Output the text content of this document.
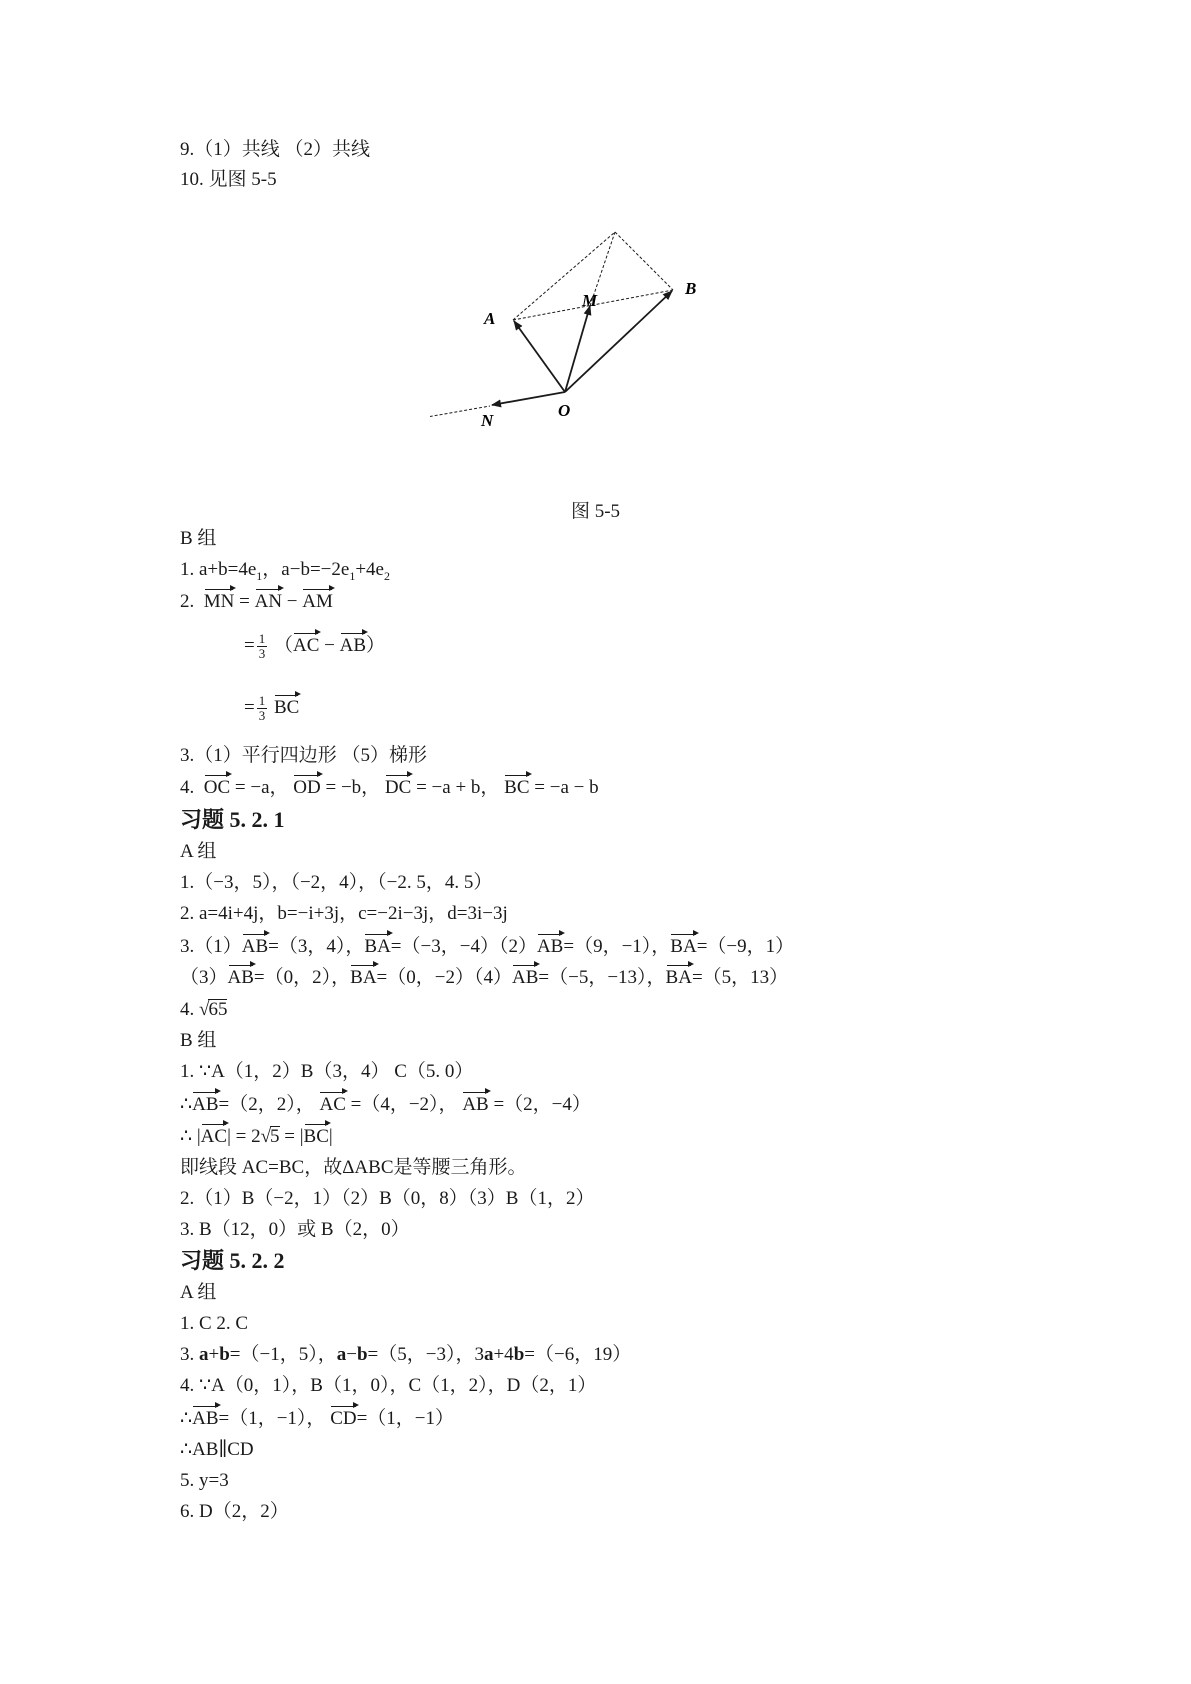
9.（1）共线 （2）共线
10. 见图 5-5
A
M
B
O
N
图 5-5
B 组
1. $a+b=4e_1$，$a-b=-2e_1+4e_2$
2. MN = AN − AM
= $\frac{1}{3} (AC - AB)$
= $\frac{1}{3}$ BC
3.（1）平行四边形 （5）梯形
4. OC = −a， OD = −b， DC = −a + b， BC = −a − b
习题 5. 2. 1
A 组
1.（−3，5），（−2，4），（−2. 5，4. 5）
2. a=4i+4j，b=−i+3j，c=−2i−3j，d=3i−3j
3.（1）AB=（3，4），BA=（−3，−4）（2）AB=（9，−1），BA=（−9，1）
（3）AB=（0，2），BA=（0，−2）（4）AB=（−5，−13），BA=（5，13）
4. √65
B 组
1. ∵A（1，2）B（3，4） C（5. 0）
∴AB=（2，2）， AC =（4，−2）， AB =（2，−4）
∴ |AC| = 2√5 = |BC|
即线段 AC=BC，故ΔABC是等腰三角形。
2.（1）B（−2，1）（2）B（0，8）（3）B（1，2）
3. B（12，0）或 B（2，0）
习题 5. 2. 2
A 组
1. C 2. C
3. a+b=（−1，5），a−b=（5，−3），3a+4b=（−6，19）
4. ∵A（0，1），B（1，0），C（1，2），D（2，1）
∴AB=（1，−1）， CD=（1，−1）
∴AB∥CD
5. y=3
6. D（2，2）
